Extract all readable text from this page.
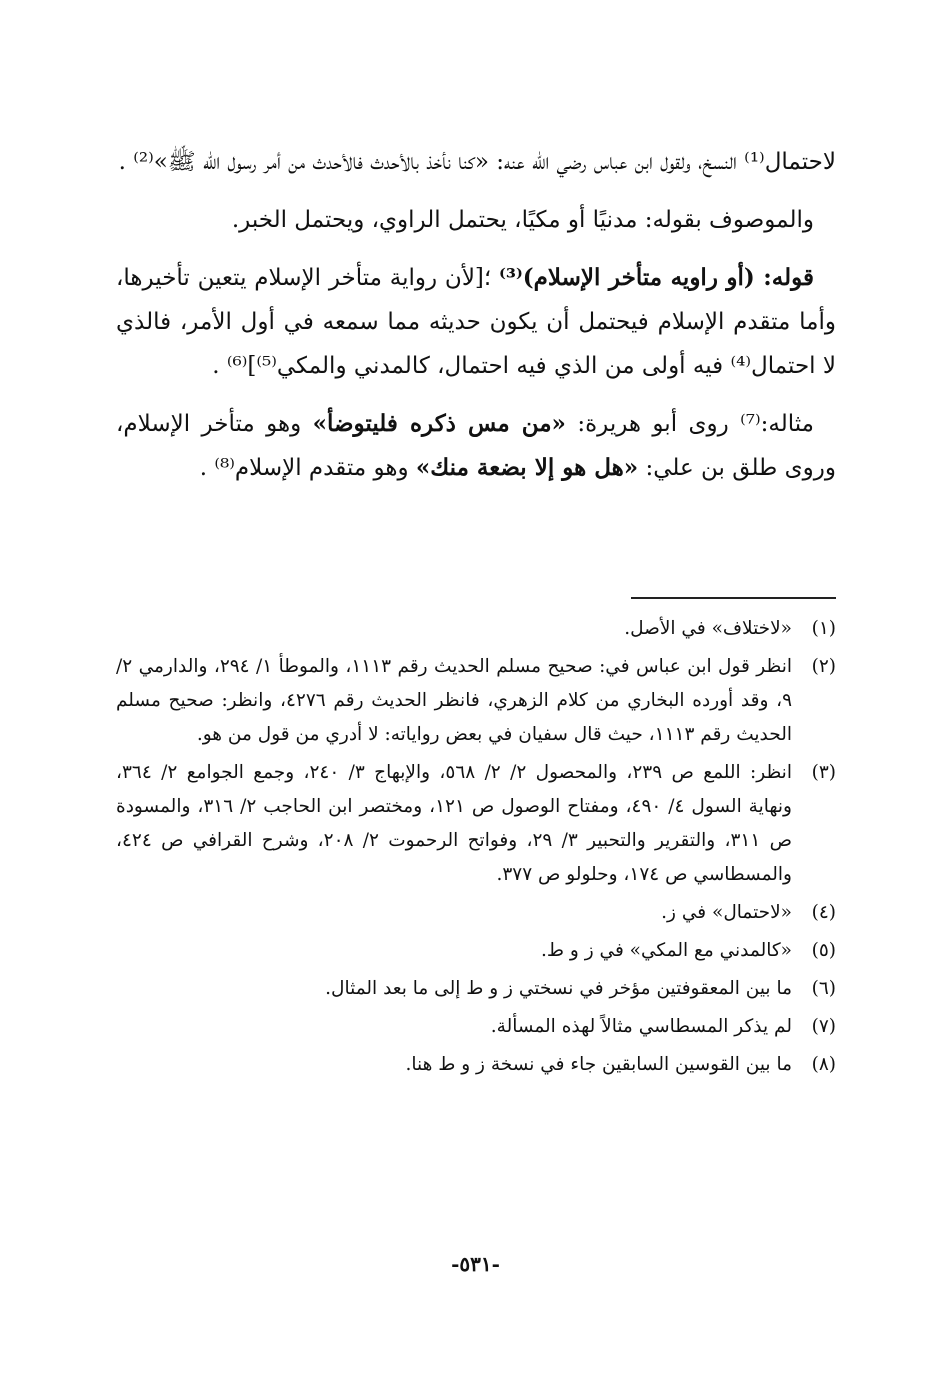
لاحتمال⁽¹⁾ النسخ، ولقول ابن عباس رضي الله عنه: «كنا نأخذ بالأحدث فالأحدث من أمر رسول الله ﷺ»⁽²⁾ .

والموصوف بقوله: مدنيًا أو مكيًا، يحتمل الراوي، ويحتمل الخبر.

قوله: (أو راويه متأخر الإسلام)⁽³⁾ ؛[لأن رواية متأخر الإسلام يتعين تأخيرها، وأما متقدم الإسلام فيحتمل أن يكون حديثه مما سمعه في أول الأمر، فالذي لا احتمال⁽⁴⁾ فيه أولى من الذي فيه احتمال، كالمدني والمكي⁽⁵⁾]⁽⁶⁾ .

مثاله:⁽⁷⁾ روى أبو هريرة: «من مس ذكره فليتوضأ» وهو متأخر الإسلام، وروى طلق بن علي: «هل هو إلا بضعة منك» وهو متقدم الإسلام⁽⁸⁾ .

(١)
«لاختلاف» في الأصل.
(٢)
انظر قول ابن عباس في: صحيح مسلم الحديث رقم ١١١٣، والموطأ ١/ ٢٩٤، والدارمي ٢/ ٩، وقد أورده البخاري من كلام الزهري، فانظر الحديث رقم ٤٢٧٦، وانظر: صحيح مسلم الحديث رقم ١١١٣، حيث قال سفيان في بعض رواياته: لا أدري من قول من هو.
(٣)
انظر: اللمع ص ٢٣٩، والمحصول ٢/ ٢/ ٥٦٨، والإبهاج ٣/ ٢٤٠، وجمع الجوامع ٢/ ٣٦٤، ونهاية السول ٤/ ٤٩٠، ومفتاح الوصول ص ١٢١، ومختصر ابن الحاجب ٢/ ٣١٦، والمسودة ص ٣١١، والتقرير والتحبير ٣/ ٢٩، وفواتح الرحموت ٢/ ٢٠٨، وشرح القرافي ص ٤٢٤، والمسطاسي ص ١٧٤، وحلولو ص ٣٧٧.
(٤)
«لاحتمال» في ز.
(٥)
«كالمدني مع المكي» في ز و ط.
(٦)
ما بين المعقوفتين مؤخر في نسختي ز و ط إلى ما بعد المثال.
(٧)
لم يذكر المسطاسي مثالاً لهذه المسألة.
(٨)
ما بين القوسين السابقين جاء في نسخة ز و ط هنا.
-٥٣١-
